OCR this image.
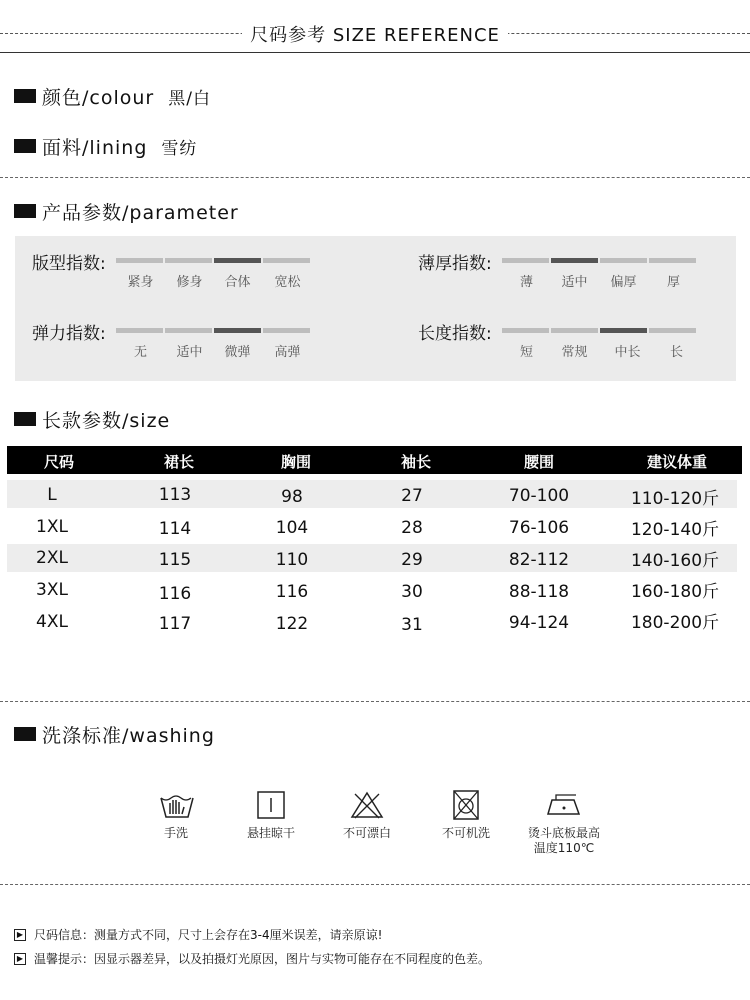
尺码参考 SIZE REFERENCE
颜色/colour 黑/白
面料/lining 雪纺
产品参数/parameter
版型指数:
紧身	修身	合体	宽松
薄厚指数:
薄	适中	偏厚	厚
弹力指数:
无	适中	微弹	高弹
长度指数:
短	常规	中长	长
长款参数/size
尺码	裙长	胸围	袖长	腰围	建议体重
L	113	98	27	70-100	110-120斤
1XL	114	104	28	76-106	120-140斤
2XL	115	110	29	82-112	140-160斤
3XL	116	116	30	88-118	160-180斤
4XL	117	122	31	94-124	180-200斤
洗涤标准/washing
手洗	悬挂晾干	不可漂白	不可机洗	烫斗底板最高
温度110℃
▶ 尺码信息：测量方式不同，尺寸上会存在3-4厘米误差，请亲原谅!
▶ 温馨提示：因显示器差异，以及拍摄灯光原因，图片与实物可能存在不同程度的色差。
